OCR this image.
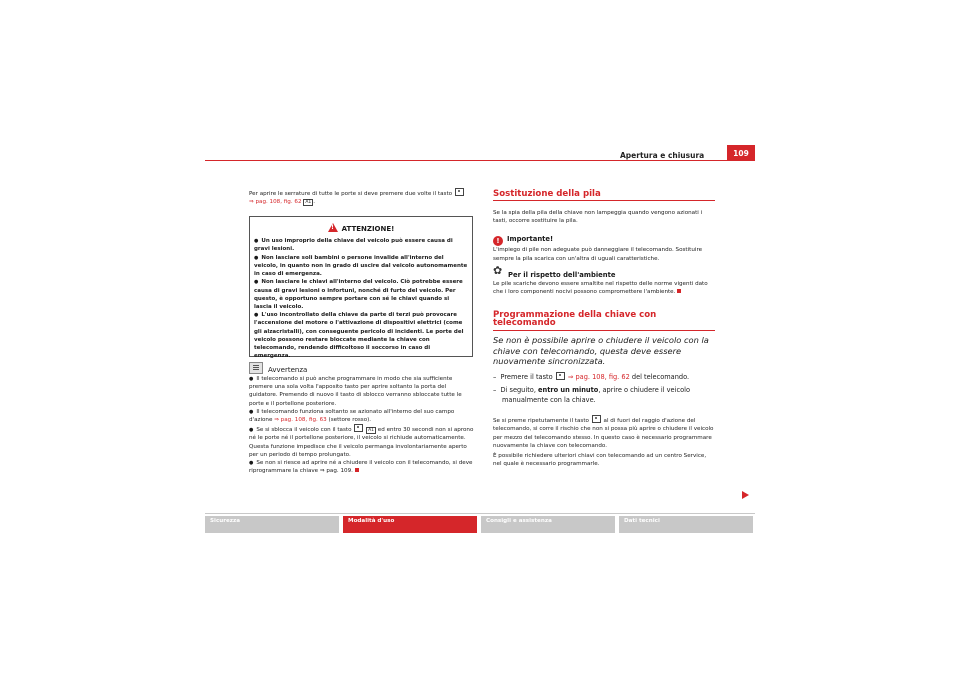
Apertura e chiusura	109

Per aprire le serrature di tutte le porte si deve premere due volte il tasto
⇒ pag. 108, fig. 62 A1 .

!ATTENZIONE!
● Un uso improprio della chiave del veicolo può essere causa di gravi lesioni.
● Non lasciare soli bambini o persone invalide all'interno del veicolo, in quanto non in grado di uscire dal veicolo autonomamente in caso di emergenza.
● Non lasciare le chiavi all'interno del veicolo. Ciò potrebbe essere causa di gravi lesioni o infortuni, nonché di furto del veicolo. Per questo, è opportuno sempre portare con sé le chiavi quando si lascia il veicolo.
● L'uso incontrollato della chiave da parte di terzi può provocare l'accensione del motore o l'attivazione di dispositivi elettrici (come gli alzacristalli), con conseguente pericolo di incidenti. Le porte del veicolo possono restare bloccate mediante la chiave con telecomando, rendendo difficoltoso il soccorso in caso di emergenza.
Avvertenza

● Il telecomando si può anche programmare in modo che sia sufficiente premere una sola volta l'apposito tasto per aprire soltanto la porta del guidatore. Premendo di nuovo il tasto di sblocco verranno sbloccate tutte le porte e il portellone posteriore.

● Il telecomando funziona soltanto se azionato all'interno del suo campo d'azione ⇒ pag. 108, fig. 63 (settore rosso).

● Se si sblocca il veicolo con il tasto	A1 ed entro 30 secondi non si aprono né le porte né il portellone posteriore, il veicolo si richiude automaticamente. Questa funzione impedisce che il veicolo permanga involontariamente aperto per un periodo di tempo prolungato.

● Se non si riesce ad aprire né a chiudere il veicolo con il telecomando, si deve riprogrammare la chiave ⇒ pag. 109.

Sostituzione della pila

Se la spia della pila della chiave non lampeggia quando vengono azionati i tasti, occorre sostituire la pila.

! Importante!

L'impiego di pile non adeguate può danneggiare il telecomando. Sostituire sempre la pila scarica con un'altra di uguali caratteristiche.

✿Per il rispetto dell'ambiente

Le pile scariche devono essere smaltite nel rispetto delle norme vigenti dato che i loro componenti nocivi possono compromettere l'ambiente.

Programmazione della chiave con telecomando

Se non è possibile aprire o chiudere il veicolo con la chiave con telecomando, questa deve essere nuovamente sincronizzata.

–  Premere il tasto ⇒ pag. 108, fig. 62 del telecomando.

–  Di seguito, entro un minuto, aprire o chiudere il veicolo manualmente con la chiave.

Se si preme ripetutamente il tasto	al di fuori del raggio d'azione del telecomando, si corre il rischio che non si possa più aprire o chiudere il veicolo per mezzo del telecomando stesso. In questo caso è necessario programmare nuovamente la chiave con telecomando.

È possibile richiedere ulteriori chiavi con telecomando ad un centro Service, nel quale è necessario programmarle.

Sicurezza	Modalità d'uso	Consigli e assistenza	Dati tecnici
